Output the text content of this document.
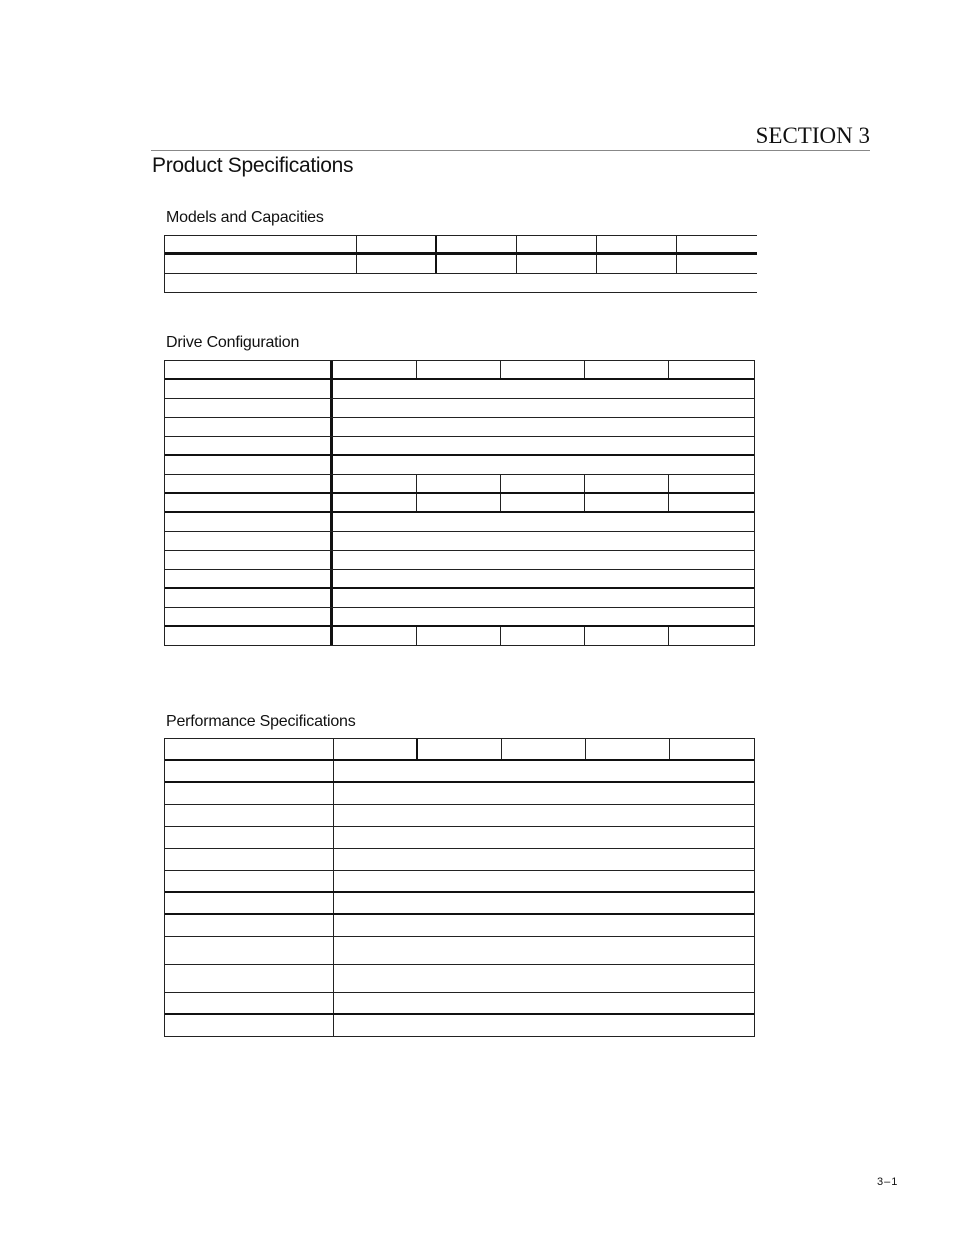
SECTION 3
Product Specifications
Models and Capacities
Drive Configuration
Performance Specifications
3–1
